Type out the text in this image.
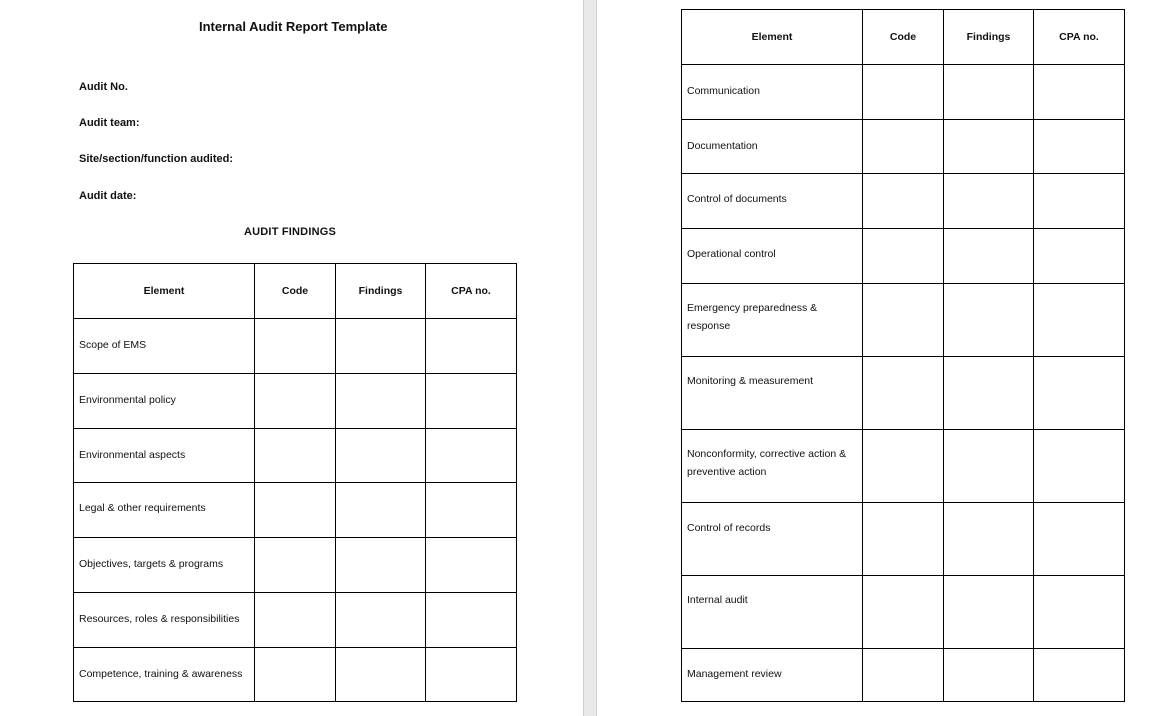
Internal Audit Report Template
Audit No.
Audit team:
Site/section/function audited:
Audit date:
AUDIT FINDINGS
Element	Code	Findings	CPA no.
Scope of EMS			
Environmental policy			
Environmental aspects			
Legal & other requirements			
Objectives, targets & programs			
Resources, roles & responsibilities			
Competence, training & awareness			
Element	Code	Findings	CPA no.
Communication			
Documentation			
Control of documents			
Operational control			
Emergency preparedness & response			
Monitoring & measurement			
Nonconformity, corrective action & preventive action			
Control of records			
Internal audit			
Management review			
